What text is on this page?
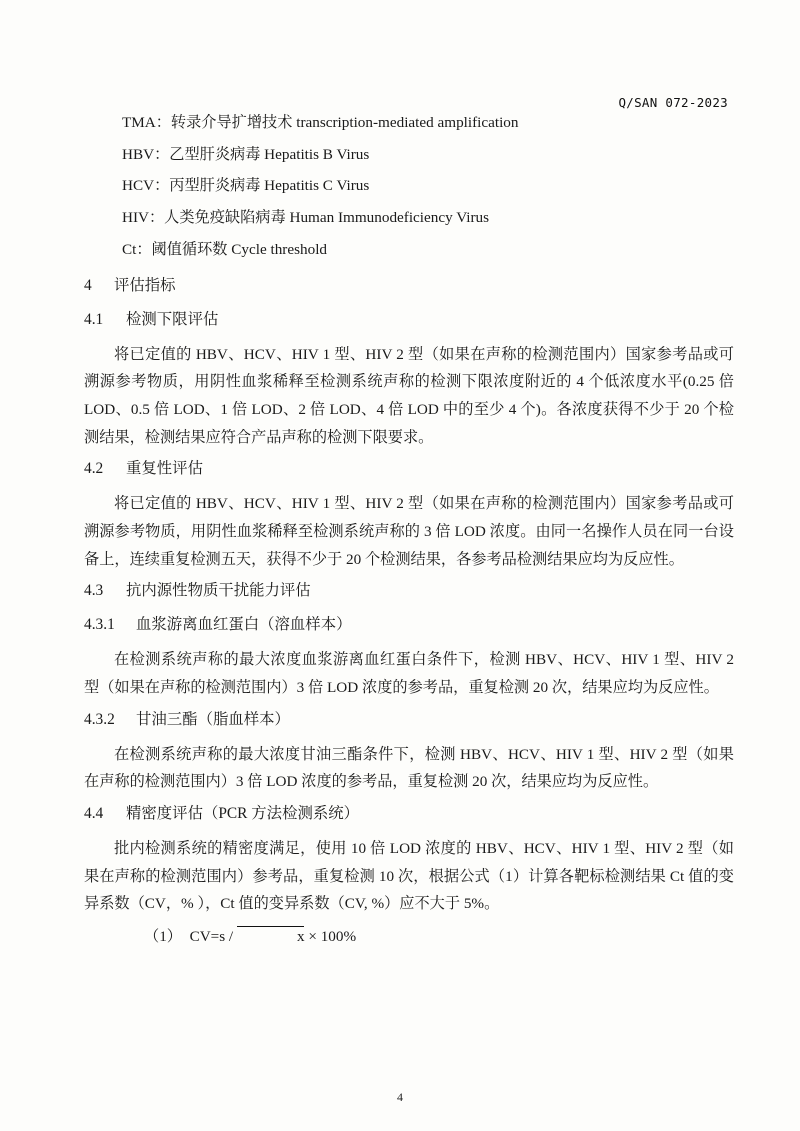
Q/SAN 072-2023
TMA：转录介导扩增技术 transcription-mediated amplification
HBV：乙型肝炎病毒 Hepatitis B Virus
HCV：丙型肝炎病毒 Hepatitis C Virus
HIV：人类免疫缺陷病毒 Human Immunodeficiency Virus
Ct：阈值循环数 Cycle threshold
4 评估指标
4.1 检测下限评估
将已定值的 HBV、HCV、HIV 1 型、HIV 2 型（如果在声称的检测范围内）国家参考品或可溯源参考物质，用阴性血浆稀释至检测系统声称的检测下限浓度附近的 4 个低浓度水平(0.25 倍 LOD、0.5 倍 LOD、1 倍 LOD、2 倍 LOD、4 倍 LOD 中的至少 4 个)。各浓度获得不少于 20 个检测结果，检测结果应符合产品声称的检测下限要求。
4.2 重复性评估
将已定值的 HBV、HCV、HIV 1 型、HIV 2 型（如果在声称的检测范围内）国家参考品或可溯源参考物质，用阴性血浆稀释至检测系统声称的 3 倍 LOD 浓度。由同一名操作人员在同一台设备上，连续重复检测五天，获得不少于 20 个检测结果，各参考品检测结果应均为反应性。
4.3 抗内源性物质干扰能力评估
4.3.1 血浆游离血红蛋白（溶血样本）
在检测系统声称的最大浓度血浆游离血红蛋白条件下，检测 HBV、HCV、HIV 1 型、HIV 2 型（如果在声称的检测范围内）3 倍 LOD 浓度的参考品，重复检测 20 次，结果应均为反应性。
4.3.2 甘油三酯（脂血样本）
在检测系统声称的最大浓度甘油三酯条件下，检测 HBV、HCV、HIV 1 型、HIV 2 型（如果在声称的检测范围内）3 倍 LOD 浓度的参考品，重复检测 20 次，结果应均为反应性。
4.4 精密度评估（PCR 方法检测系统）
批内检测系统的精密度满足，使用 10 倍 LOD 浓度的 HBV、HCV、HIV 1 型、HIV 2 型（如果在声称的检测范围内）参考品，重复检测 10 次，根据公式（1）计算各靶标检测结果 Ct 值的变异系数（CV，% ），Ct 值的变异系数（CV, %）应不大于 5%。
（1） CV=s /	x × 100%
4
